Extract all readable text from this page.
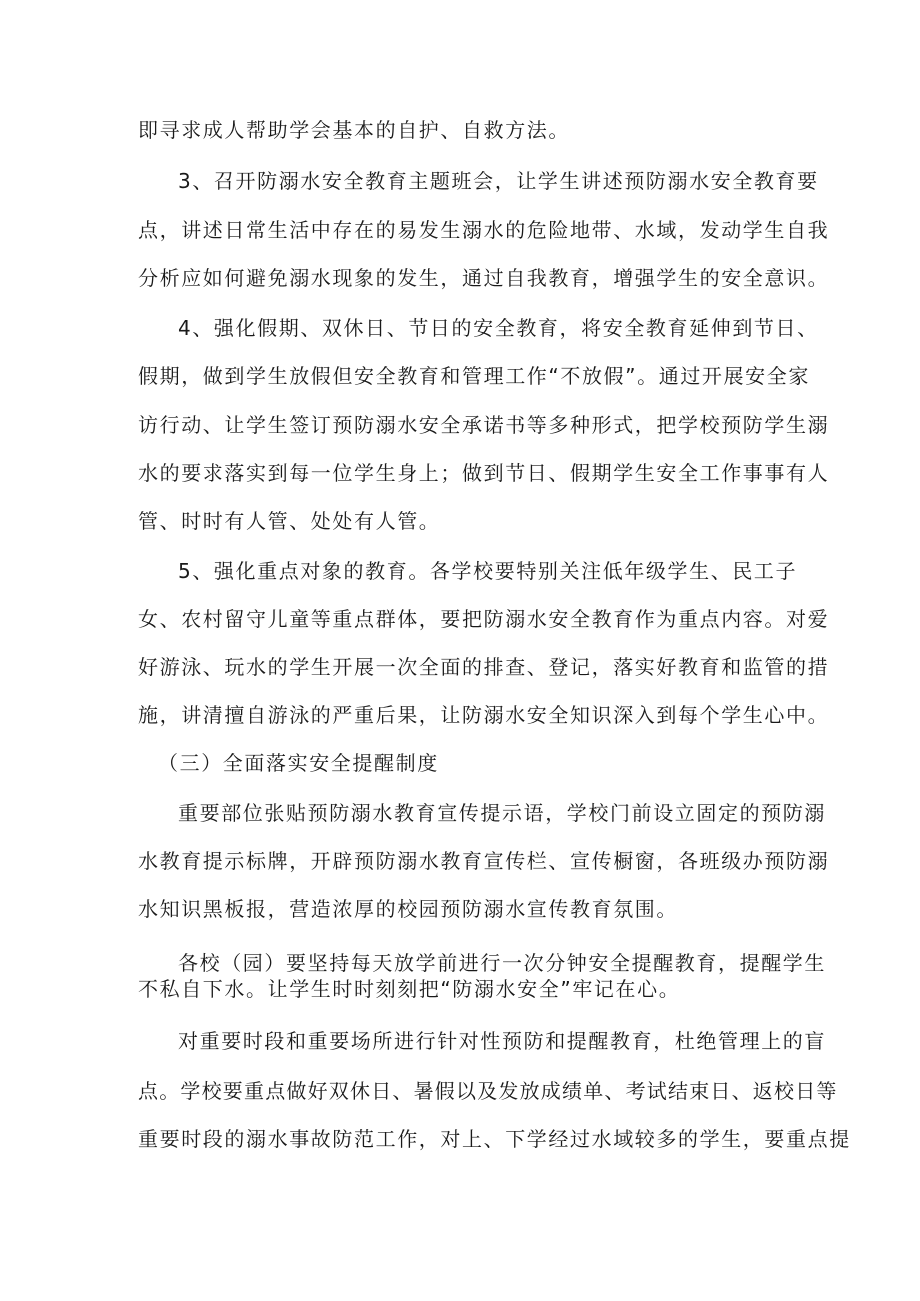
即寻求成人帮助学会基本的自护、自救方法。
3、召开防溺水安全教育主题班会，让学生讲述预防溺水安全教育要
点，讲述日常生活中存在的易发生溺水的危险地带、水域，发动学生自我
分析应如何避免溺水现象的发生，通过自我教育，增强学生的安全意识。
4、强化假期、双休日、节日的安全教育，将安全教育延伸到节日、
假期，做到学生放假但安全教育和管理工作“不放假”。通过开展安全家
访行动、让学生签订预防溺水安全承诺书等多种形式，把学校预防学生溺
水的要求落实到每一位学生身上；做到节日、假期学生安全工作事事有人
管、时时有人管、处处有人管。
5、强化重点对象的教育。各学校要特别关注低年级学生、民工子
女、农村留守儿童等重点群体，要把防溺水安全教育作为重点内容。对爱
好游泳、玩水的学生开展一次全面的排查、登记，落实好教育和监管的措
施，讲清擅自游泳的严重后果，让防溺水安全知识深入到每个学生心中。
（三）全面落实安全提醒制度
重要部位张贴预防溺水教育宣传提示语，学校门前设立固定的预防溺
水教育提示标牌，开辟预防溺水教育宣传栏、宣传橱窗，各班级办预防溺
水知识黑板报，营造浓厚的校园预防溺水宣传教育氛围。
各校（园）要坚持每天放学前进行一次分钟安全提醒教育，提醒学生
不私自下水。让学生时时刻刻把“防溺水安全”牢记在心。
对重要时段和重要场所进行针对性预防和提醒教育，杜绝管理上的盲
点。学校要重点做好双休日、暑假以及发放成绩单、考试结束日、返校日等
重要时段的溺水事故防范工作，对上、下学经过水域较多的学生，要重点提
